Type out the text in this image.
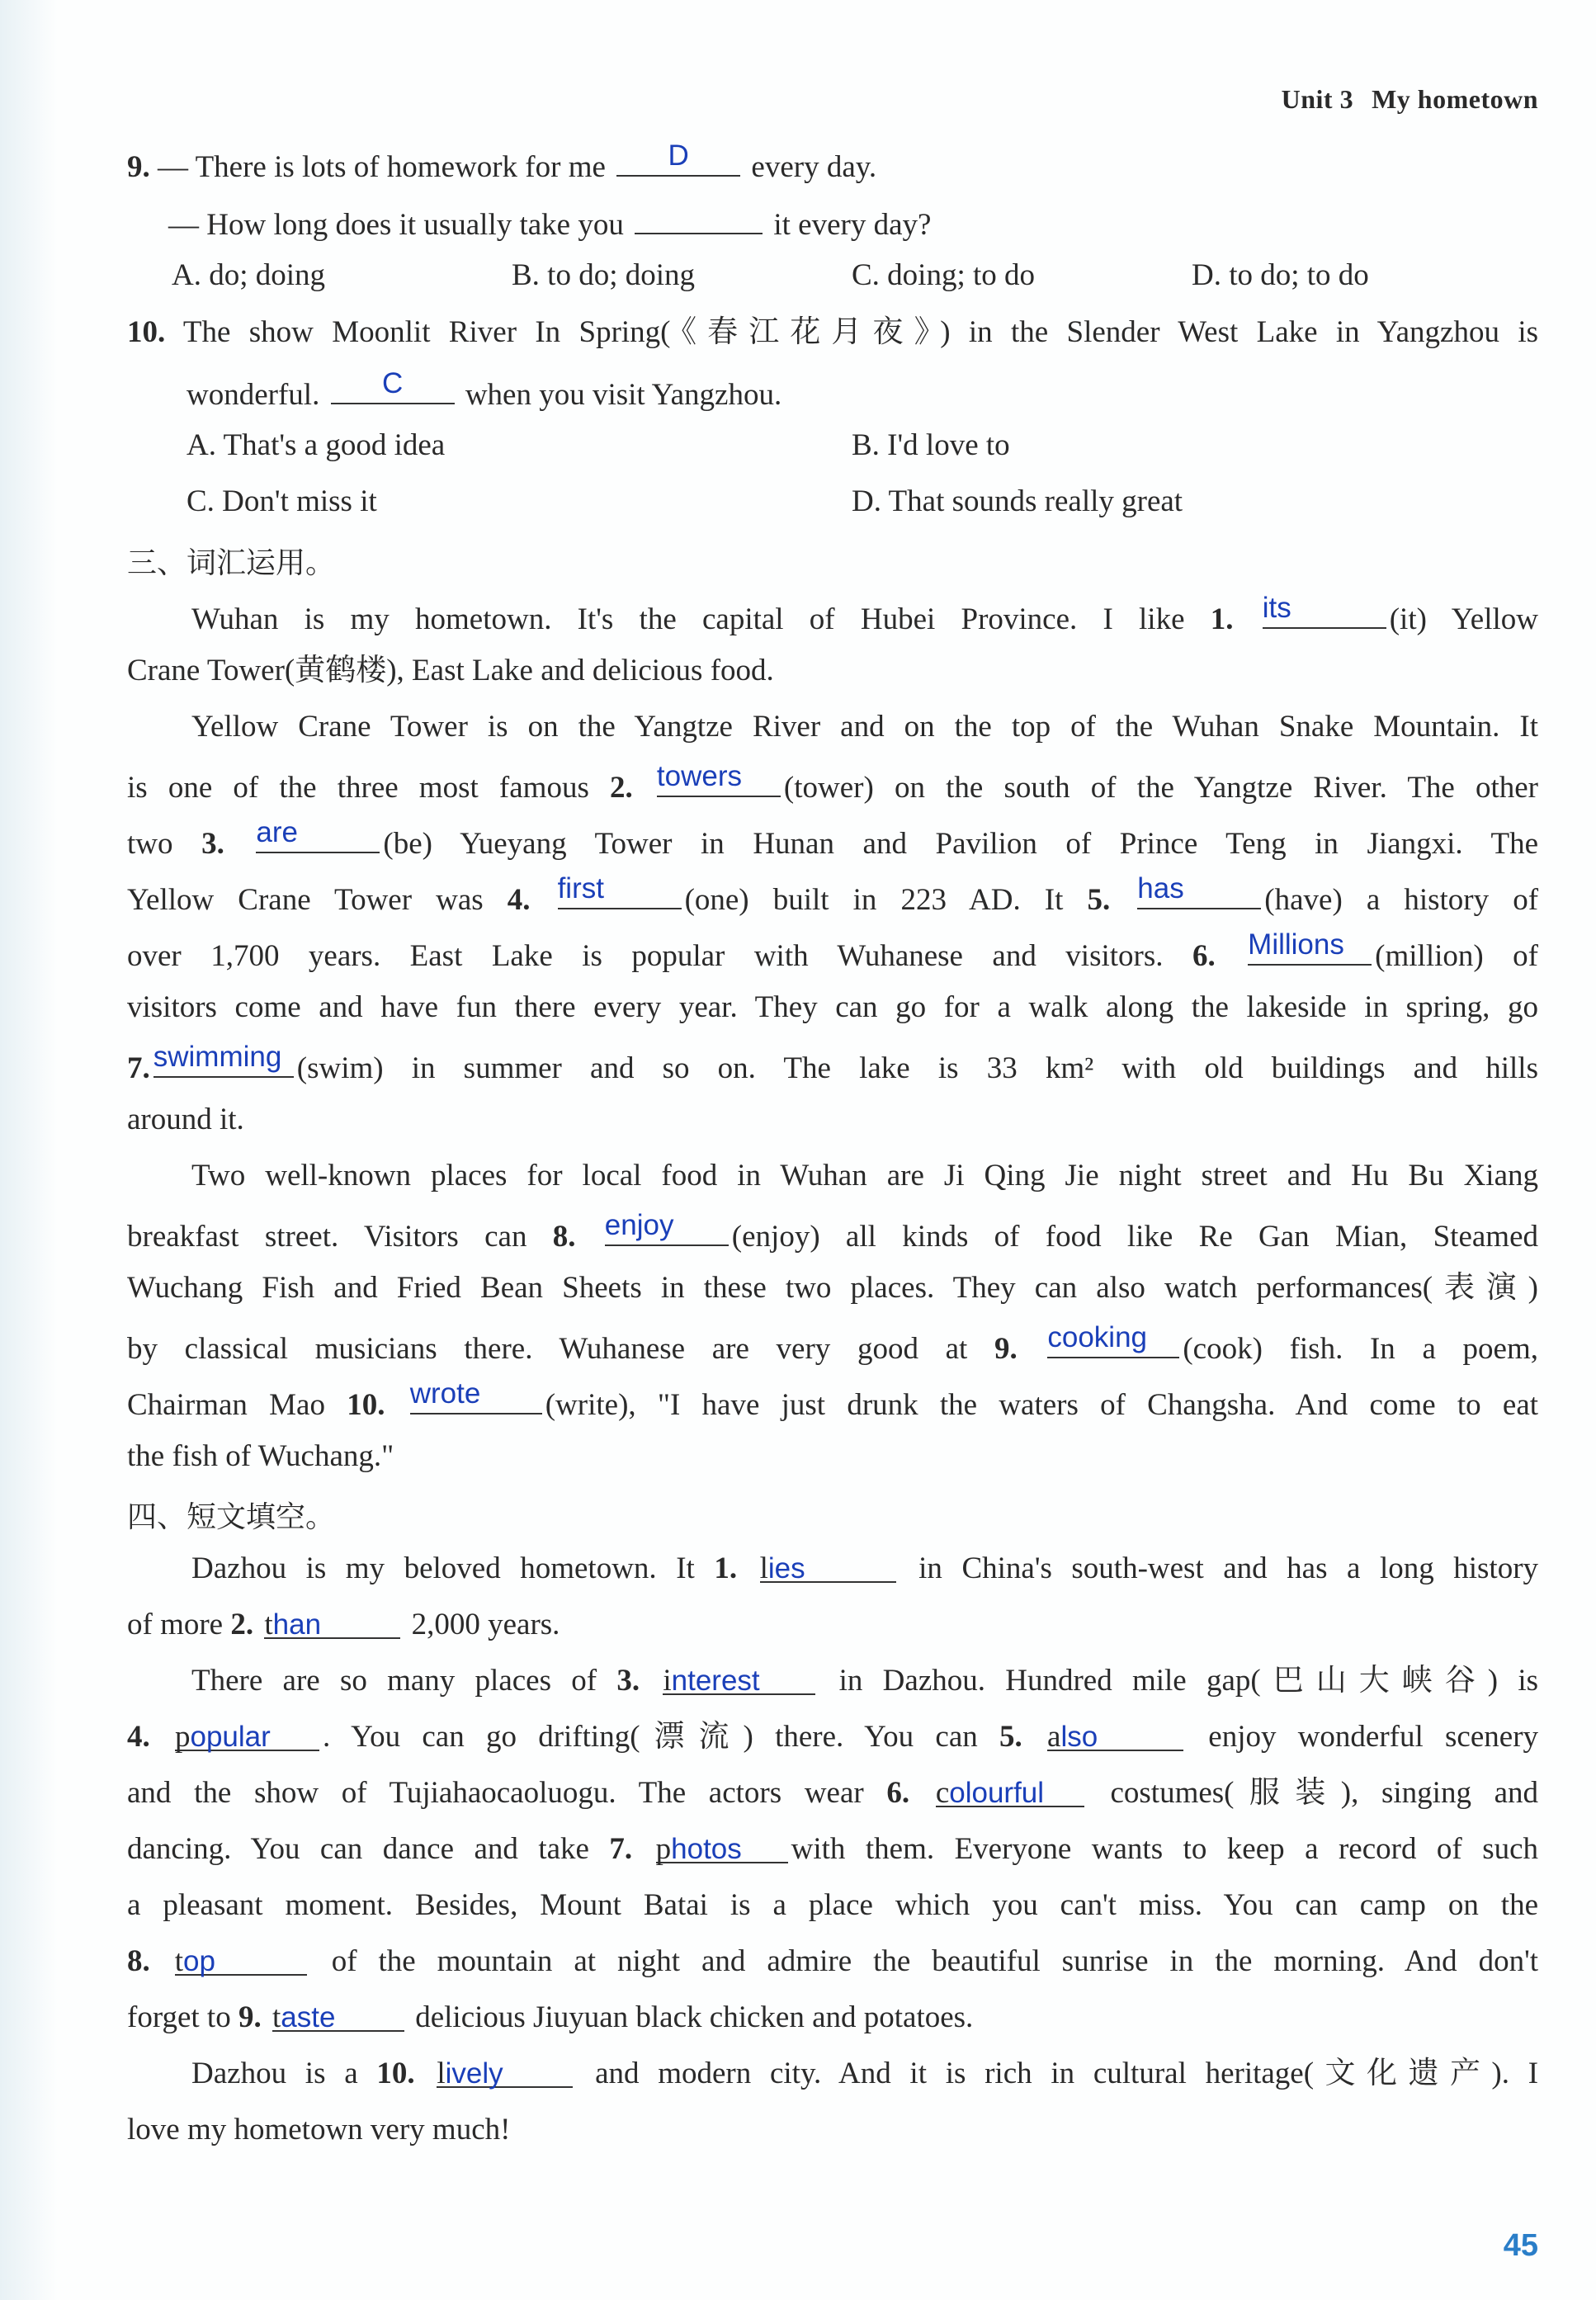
Unit 3 My hometown
9. — There is lots of homework for me	D	every day.
— How long does it usually take you	it every day?
A. do; doing	B. to do; doing	C. doing; to do	D. to do; to do
10. The show Moonlit River In Spring(《春江花月夜》) in the Slender West Lake in Yangzhou is
wonderful.	C	when you visit Yangzhou.
A. That's a good idea	B. I'd love to
C. Don't miss it	D. That sounds really great
三、词汇运用。
Wuhan is my hometown. It's the capital of Hubei Province. I like 1. its	(it) Yellow
Crane Tower(黄鹤楼), East Lake and delicious food.
Yellow Crane Tower is on the Yangtze River and on the top of the Wuhan Snake Mountain. It
is one of the three most famous 2. towers	(tower) on the south of the Yangtze River. The other
two 3. are	(be) Yueyang Tower in Hunan and Pavilion of Prince Teng in Jiangxi. The
Yellow Crane Tower was 4. first	(one) built in 223 AD. It 5. has	(have) a history of
over 1,700 years. East Lake is popular with Wuhanese and visitors. 6. Millions	(million) of
visitors come and have fun there every year. They can go for a walk along the lakeside in spring, go
7. swimming (swim) in summer and so on. The lake is 33 km² with old buildings and hills
around it.
Two well-known places for local food in Wuhan are Ji Qing Jie night street and Hu Bu Xiang
breakfast street. Visitors can 8. enjoy	(enjoy) all kinds of food like Re Gan Mian, Steamed
Wuchang Fish and Fried Bean Sheets in these two places. They can also watch performances(表演)
by classical musicians there. Wuhanese are very good at 9. cooking	(cook) fish. In a poem,
Chairman Mao 10. wrote	(write), "I have just drunk the waters of Changsha. And come to eat
the fish of Wuchang."
四、短文填空。
Dazhou is my beloved hometown. It 1. lies	in China's south-west and has a long history
of more 2. than	2,000 years.
There are so many places of 3. interest	in Dazhou. Hundred mile gap(巴山大峡谷) is
4. popular . You can go drifting(漂流) there. You can 5. also	enjoy wonderful scenery
and the show of Tujiahaocaoluogu. The actors wear 6. colourful costumes(服装), singing and
dancing. You can dance and take 7. photos with them. Everyone wants to keep a record of such
a pleasant moment. Besides, Mount Batai is a place which you can't miss. You can camp on the
8. top	of the mountain at night and admire the beautiful sunrise in the morning. And don't
forget to 9. taste	delicious Jiuyuan black chicken and potatoes.
Dazhou is a 10. lively	and modern city. And it is rich in cultural heritage(文化遗产). I
love my hometown very much!
45
